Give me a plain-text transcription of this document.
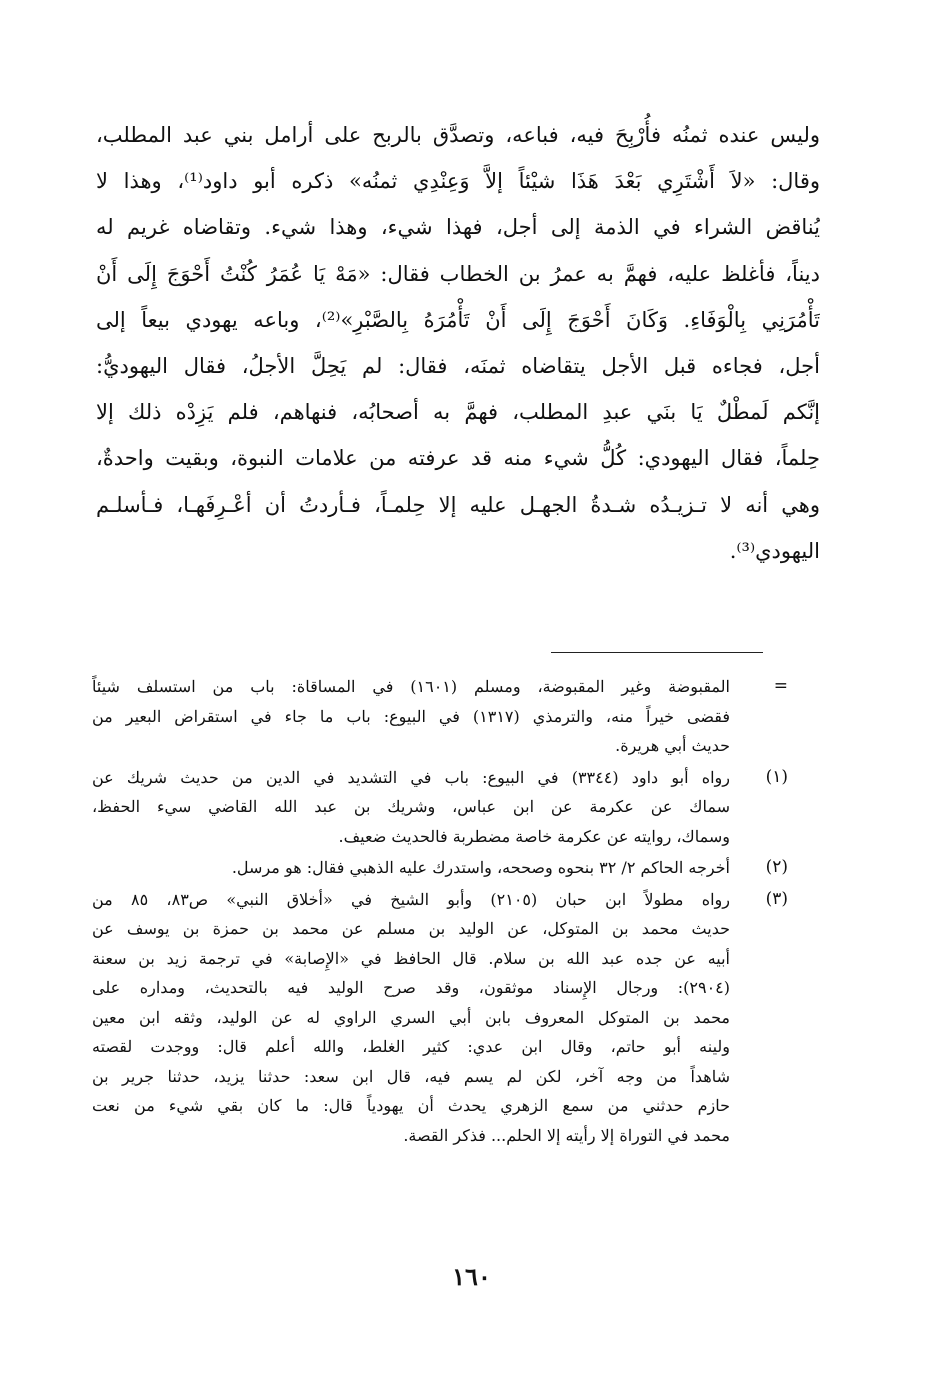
وليس عنده ثمنُه فأُرْبِحَ فيه، فباعه، وتصدَّق بالربح على أرامل بني عبد المطلب،
وقال: «لاَ أَشْتَرِي بَعْدَ هَذَا شيْئاً إلاَّ وَعِنْدِي ثمنُه» ذكره أبو داود⁽¹⁾، وهذا لا
يُناقض الشراء في الذمة إلى أجل، فهذا شيء، وهذا شيء. وتقاضاه غريم له
ديناً، فأغلظ عليه، فهمَّ به عمرُ بن الخطاب فقال: «مَهْ يَا عُمَرُ كُنْتُ أَحْوَجَ إِلَى أَنْ
تَأْمُرَنِي بِالْوَفَاءِ. وَكَانَ أَحْوَجَ إِلَى أَنْ تَأْمُرَهُ بِالصَّبْرِ»⁽²⁾، وباعه يهودي بيعاً إلى
أجل، فجاءه قبل الأجل يتقاضاه ثمنَه، فقال: لم يَحِلَّ الأجلُ، فقال اليهوديُّ:
إنَّكم لَمطْلٌ يَا بنَي عبدِ المطلب، فهمَّ به أصحابُه، فنهاهم، فلم يَزِدْه ذلك إلا
حِلماً، فقال اليهودي: كُلُّ شيء منه قد عرفته من علامات النبوة، وبقيت واحدةٌ،
وهي أنه لا تـزيـدُه شـدةُ الجهـل عليه إلا حِلمـاً، فـأردتُ أن أعْـرِفَهـا، فـأسلـم
اليهودي⁽³⁾.
=
المقبوضة وغير المقبوضة، ومسلم (١٦٠١) في المساقاة: باب من استسلف شيئاً
فقضى خيراً منه، والترمذي (١٣١٧) في البيوع: باب ما جاء في استقراض البعير من
حديث أبي هريرة.
(١)
رواه أبو داود (٣٣٤٤) في البيوع: باب في التشديد في الدين من حديث شريك عن
سماك عن عكرمة عن ابن عباس، وشريك بن عبد الله القاضي سيء الحفظ،
وسماك، روايته عن عكرمة خاصة مضطربة فالحديث ضعيف.
(٢)
أخرجه الحاكم ٢/ ٣٢ بنحوه وصححه، واستدرك عليه الذهبي فقال: هو مرسل.
(٣)
رواه مطولاً ابن حبان (٢١٠٥) وأبو الشيخ في «أخلاق النبي» ص٨٣، ٨٥ من
حديث محمد بن المتوكل، عن الوليد بن مسلم عن محمد بن حمزة بن يوسف عن
أبيه عن جده عبد الله بن سلام. قال الحافظ في «الإِصابة» في ترجمة زيد بن سعنة
(٢٩٠٤): ورجال الإِسناد موثقون، وقد صرح الوليد فيه بالتحديث، ومداره على
محمد بن المتوكل المعروف بابن أبي السري الراوي له عن الوليد، وثقه ابن معين
ولينه أبو حاتم، وقال ابن عدي: كثير الغلط، والله أعلم قال: ووجدت لقصته
شاهداً من وجه آخر، لكن لم يسم فيه، قال ابن سعد: حدثنا يزيد، حدثنا جرير بن
حازم حدثني من سمع الزهري يحدث أن يهودياً قال: ما كان بقي شيء من نعت
محمد في التوراة إلا رأيته إلا الحلم... فذكر القصة.
١٦٠
